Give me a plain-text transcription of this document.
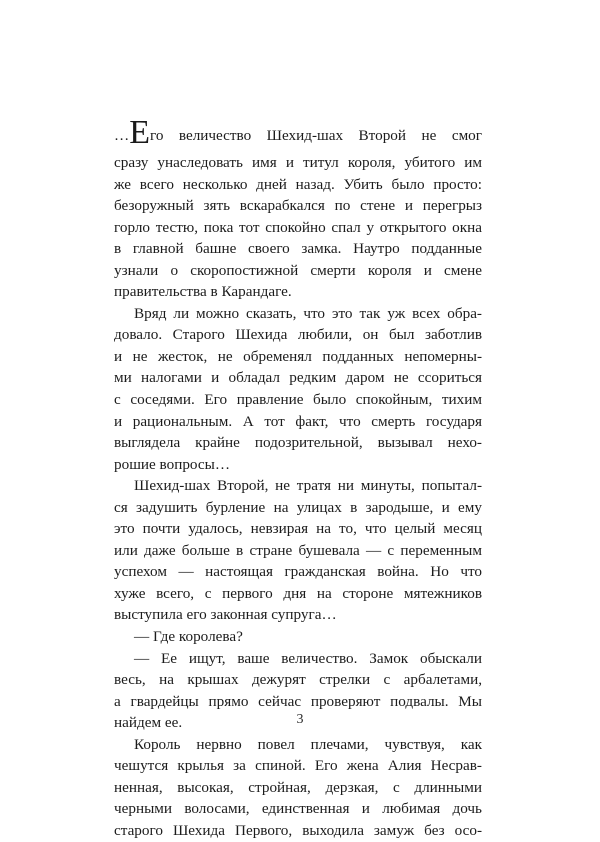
…Его величество Шехид-шах Второй не смог
сразу унаследовать имя и титул короля, убитого им
же всего несколько дней назад. Убить было просто:
безоружный зять вскарабкался по стене и перегрыз
горло тестю, пока тот спокойно спал у открытого окна
в главной башне своего замка. Наутро подданные
узнали о скоропостижной смерти короля и смене
правительства в Карандаге.
Вряд ли можно сказать, что это так уж всех обра-
довало. Старого Шехида любили, он был заботлив
и не жесток, не обременял подданных непомерны-
ми налогами и обладал редким даром не ссориться
с соседями. Его правление было спокойным, тихим
и рациональным. А тот факт, что смерть государя
выглядела крайне подозрительной, вызывал нехо-
рошие вопросы…
Шехид-шах Второй, не тратя ни минуты, попытал-
ся задушить бурление на улицах в зародыше, и ему
это почти удалось, невзирая на то, что целый месяц
или даже больше в стране бушевала — с переменным
успехом — настоящая гражданская война. Но что
хуже всего, с первого дня на стороне мятежников
выступила его законная супруга…
— Где королева?
— Ее ищут, ваше величество. Замок обыскали
весь, на крышах дежурят стрелки с арбалетами,
а гвардейцы прямо сейчас проверяют подвалы. Мы
найдем ее.
Король нервно повел плечами, чувствуя, как
чешутся крылья за спиной. Его жена Алия Несрав-
ненная, высокая, стройная, дерзкая, с длинными
черными волосами, единственная и любимая дочь
старого Шехида Первого, выходила замуж без осо-
3
